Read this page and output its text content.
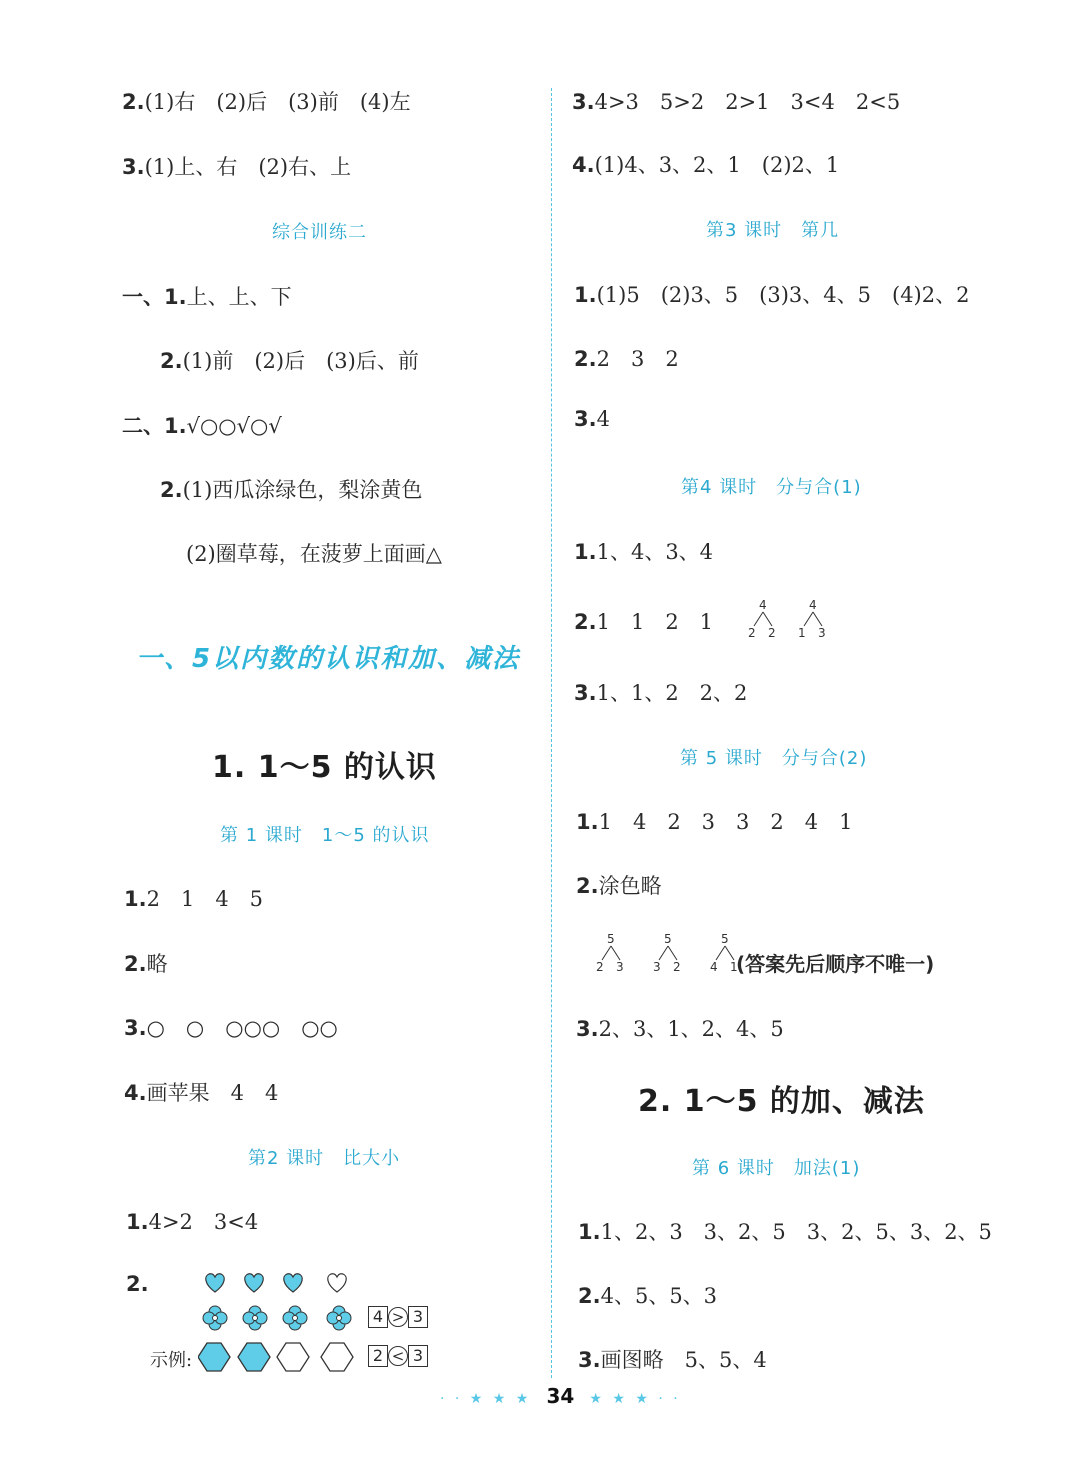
2.(1)右　(2)后　(3)前　(4)左
3.(1)上、右　(2)右、上
综合训练二
一、1.上、上、下
2.(1)前　(2)后　(3)后、前
二、1.√○○√○√
2.(1)西瓜涂绿色，梨涂黄色
(2)圈草莓，在菠萝上面画△
一、5以内数的认识和加、减法
1. 1～5 的认识
第 1 课时　1～5 的认识
1.2　1　4　5
2.略
3.○　○　○○○　○○
4.画苹果　4　4
第2 课时　比大小
1.4>2　3<4
2.
4 > 3
示例:	2 < 3
3.4>3　5>2　2>1　3<4　2<5
4.(1)4、3、2、1　(2)2、1
第3 课时　第几
1.(1)5　(2)3、5　(3)3、4、5　(4)2、2
2.2　3　2
3.4
第4 课时　分与合(1)
1.1、4、3、4
2.1　1　2　1
4
2 2
4
1 3
3.1、1、2　2、2
第 5 课时　分与合(2)
1.1　4　2　3　3　2　4　1
2.涂色略
5
2 3
5
3 2
5
4 1
(答案先后顺序不唯一)
3.2、3、1、2、4、5
2. 1～5 的加、减法
第 6 课时　加法(1)
1.1、2、3　3、2、5　3、2、5、3、2、5
2.4、5、5、3
3.画图略　5、5、4
· · ★ ★ ★ 34 ★ ★ ★ · ·
